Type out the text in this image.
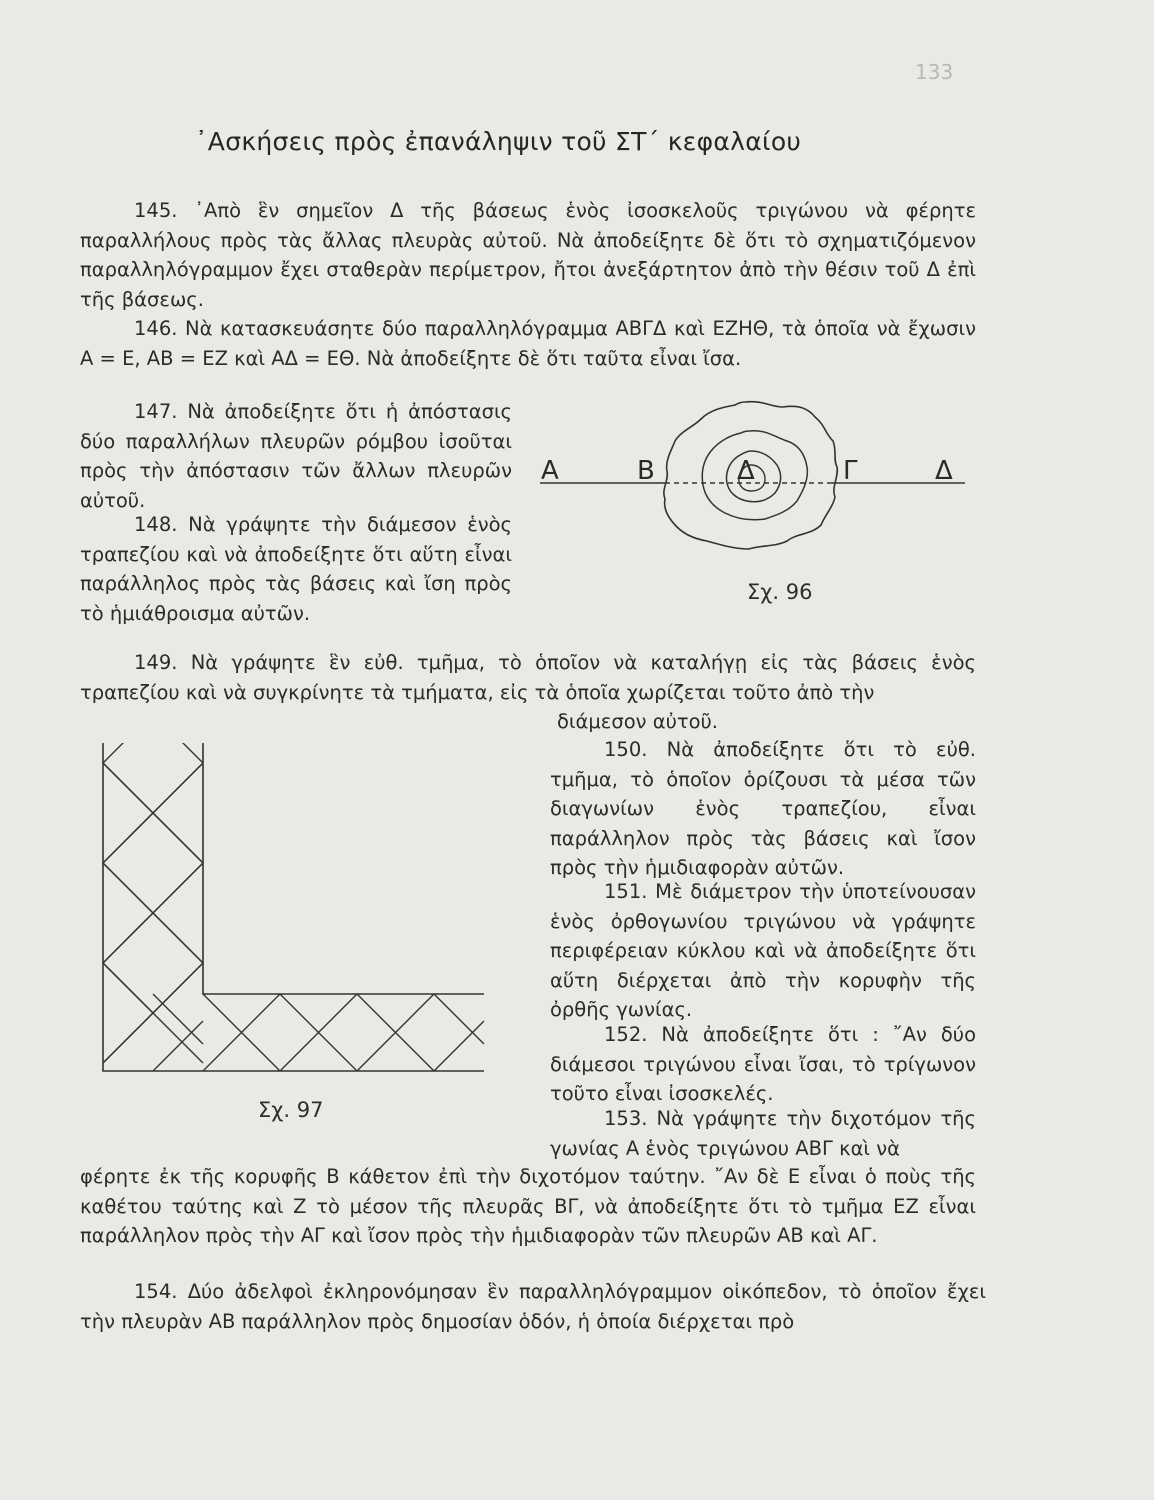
133
᾿Ασκήσεις πρὸς ἐπανάληψιν τοῦ ΣΤ΄ κεφαλαίου

145. ᾿Απὸ ἓν σημεῖον Δ τῆς βάσεως ἑνὸς ἰσοσκελοῦς τριγώνου νὰ φέρητε παραλλήλους πρὸς τὰς ἄλλας πλευρὰς αὐτοῦ. Νὰ ἀποδείξητε δὲ ὅτι τὸ σχηματιζόμενον παραλληλόγραμμον ἔχει σταθερὰν περίμετρον, ἤτοι ἀνεξάρτητον ἀπὸ τὴν θέσιν τοῦ Δ ἐπὶ τῆς βάσεως.

146. Νὰ κατασκευάσητε δύο παραλληλόγραμμα ΑΒΓΔ καὶ ΕΖΗΘ, τὰ ὁποῖα νὰ ἔχωσιν Α = Ε, ΑΒ = ΕΖ καὶ ΑΔ = ΕΘ. Νὰ ἀποδείξητε δὲ ὅτι ταῦτα εἶναι ἴσα.

147. Νὰ ἀποδείξητε ὅτι ἡ ἀπόστασις δύο παραλλήλων πλευρῶν ρόμβου ἰσοῦται πρὸς τὴν ἀπόστασιν τῶν ἄλλων πλευρῶν αὐτοῦ.

148. Νὰ γράψητε τὴν διάμεσον ἑνὸς τραπεζίου καὶ νὰ ἀποδείξητε ὅτι αὕτη εἶναι παράλληλος πρὸς τὰς βάσεις καὶ ἴση πρὸς τὸ ἡμιάθροισμα αὐτῶν.

Α	Β	Δ	Γ	Δ
Σχ. 96

149. Νὰ γράψητε ἓν εὐθ. τμῆμα, τὸ ὁποῖον νὰ καταλήγῃ εἰς τὰς βάσεις ἑνὸς τραπεζίου καὶ νὰ συγκρίνητε τὰ τμήματα, εἰς τὰ ὁποῖα χωρίζεται τοῦτο ἀπὸ τὴν

διάμεσον αὐτοῦ.

Σχ. 97

150. Νὰ ἀποδείξητε ὅτι τὸ εὐθ. τμῆμα, τὸ ὁποῖον ὁρίζουσι τὰ μέσα τῶν διαγωνίων ἑνὸς τραπεζίου, εἶναι παράλληλον πρὸς τὰς βάσεις καὶ ἴσον πρὸς τὴν ἡμιδιαφορὰν αὐτῶν.

151. Μὲ διάμετρον τὴν ὑποτείνουσαν ἑνὸς ὀρθογωνίου τριγώνου νὰ γράψητε περιφέρειαν κύκλου καὶ νὰ ἀποδείξητε ὅτι αὕτη διέρχεται ἀπὸ τὴν κορυφὴν τῆς ὀρθῆς γωνίας.

152. Νὰ ἀποδείξητε ὅτι : ῎Αν δύο διάμεσοι τριγώνου εἶναι ἴσαι, τὸ τρίγωνον τοῦτο εἶναι ἰσοσκελές.

153. Νὰ γράψητε τὴν διχοτόμον τῆς γωνίας Α ἑνὸς τριγώνου ΑΒΓ καὶ νὰ

φέρητε ἐκ τῆς κορυφῆς Β κάθετον ἐπὶ τὴν διχοτόμον ταύτην. ῎Αν δὲ Ε εἶναι ὁ ποὺς τῆς καθέτου ταύτης καὶ Ζ τὸ μέσον τῆς πλευρᾶς ΒΓ, νὰ ἀποδείξητε ὅτι τὸ τμῆμα ΕΖ εἶναι παράλληλον πρὸς τὴν ΑΓ καὶ ἴσον πρὸς τὴν ἡμιδιαφορὰν τῶν πλευρῶν ΑΒ καὶ ΑΓ.

154. Δύο ἀδελφοὶ ἐκληρονόμησαν ἓν παραλληλόγραμμον οἰκόπεδον, τὸ ὁποῖον ἔχει τὴν πλευρὰν ΑΒ παράλληλον πρὸς δημοσίαν ὁδόν, ἡ ὁποία διέρχεται πρὸ
